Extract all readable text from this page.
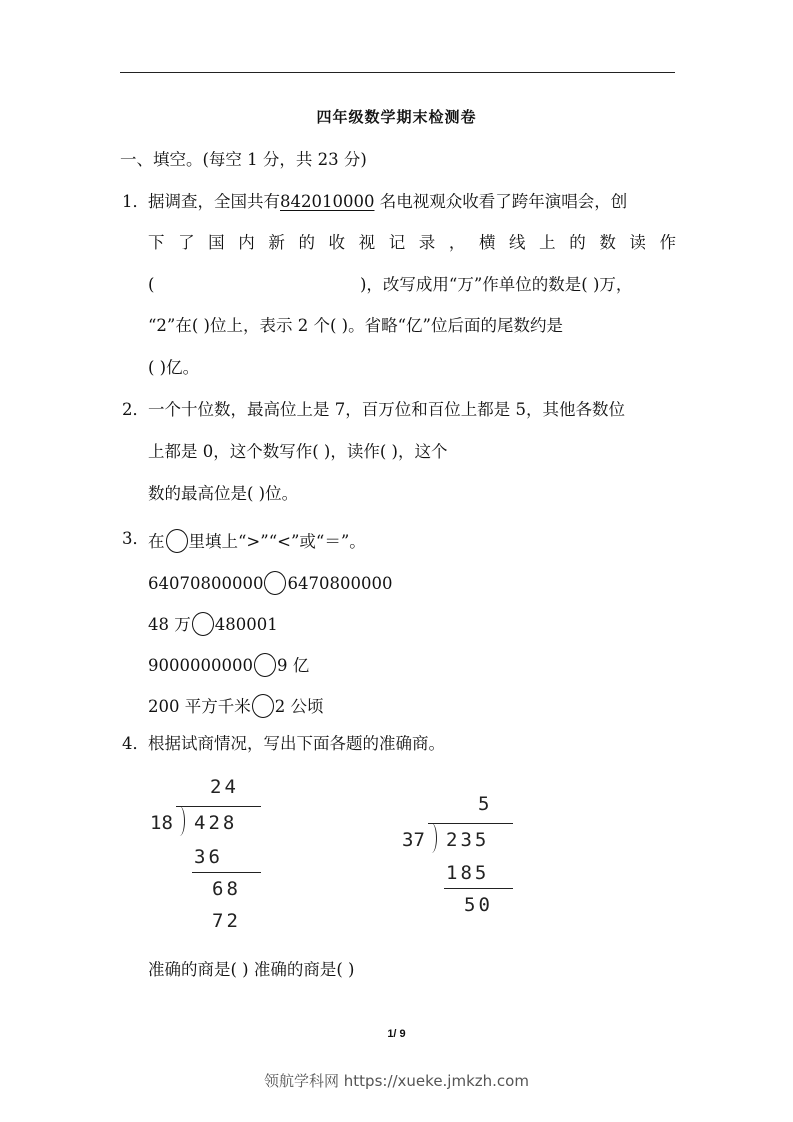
四年级数学期末检测卷
一、填空。(每空 1 分，共 23 分)
1． 据调查，全国共有842010000 名电视观众收看了跨年演唱会，创
下了国内新的收视记录，横线上的数读作
(	)，改写成用“万”作单位的数是( )万，
“2”在( )位上，表示 2 个( )。省略“亿”位后面的尾数约是
( )亿。
2． 一个十位数，最高位上是 7，百万位和百位上都是 5，其他各数位
上都是 0，这个数写作( )，读作( )，这个
数的最高位是( )位。
3． 在 里填上“>”“<”或“＝”。
64070800000 6470800000
48 万 480001
9000000000 9 亿
200 平方千米 2 公顷
4． 根据试商情况，写出下面各题的准确商。
24
18 428
36
68
72
5
37 235
185
50
准确的商是( ) 准确的商是( )
1/ 9
领航学科网 https://xueke.jmkzh.com
